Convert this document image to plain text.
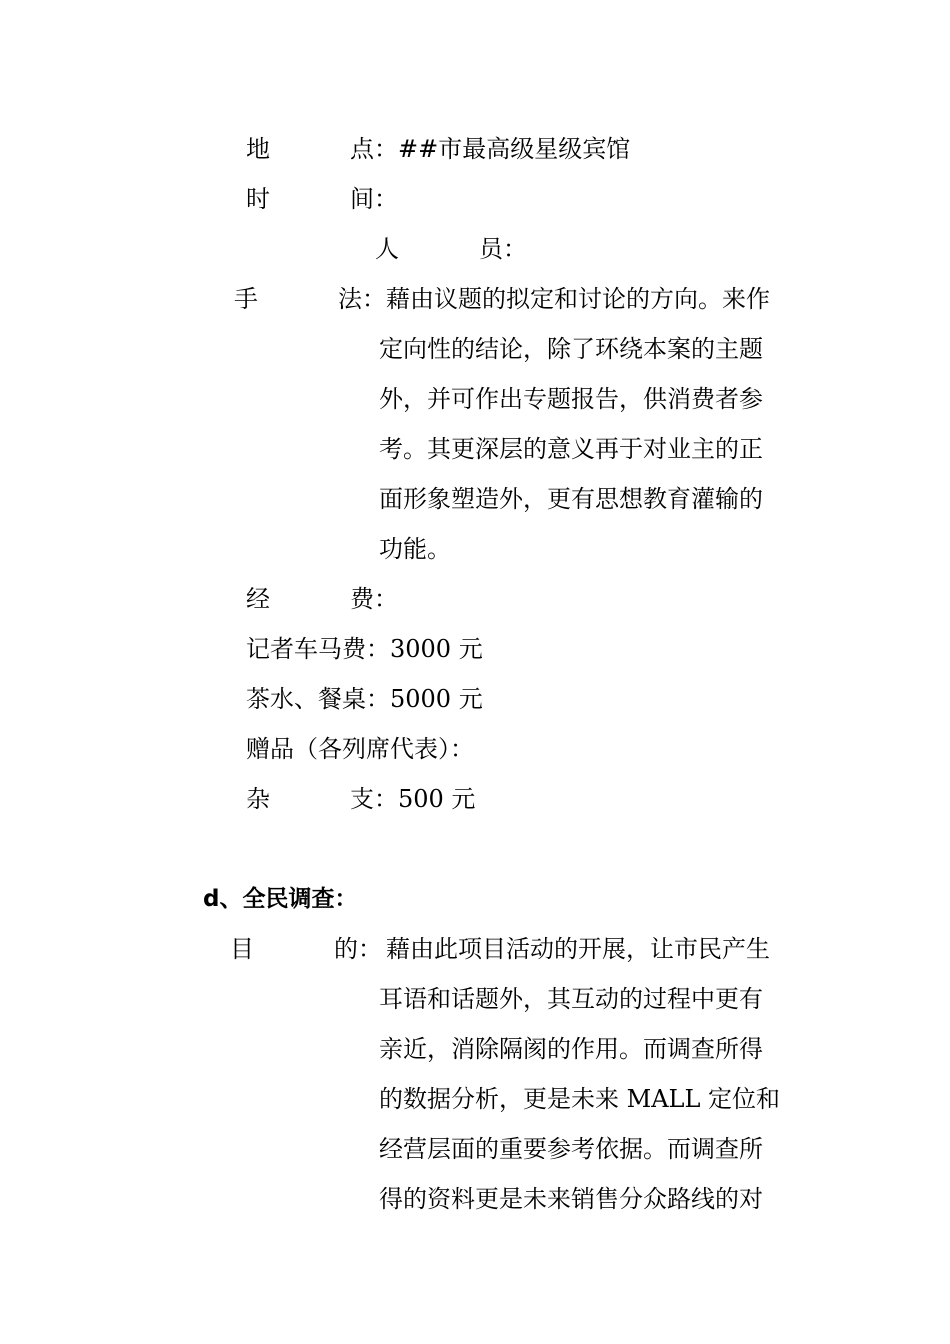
地	点： ##市最高级星级宾馆
时	间：
人	员：
手	法： 藉由议题的拟定和讨论的方向。来作
定向性的结论，除了环绕本案的主题
外，并可作出专题报告，供消费者参
考。其更深层的意义再于对业主的正
面形象塑造外，更有思想教育灌输的
功能。
经	费：
记者车马费：3000 元
茶水、餐桌：5000 元
赠品（各列席代表）：
杂	支：500 元
d、全民调查：
目	的： 藉由此项目活动的开展，让市民产生
耳语和话题外，其互动的过程中更有
亲近，消除隔阂的作用。而调查所得
的数据分析，更是未来 MALL 定位和
经营层面的重要参考依据。而调查所
得的资料更是未来销售分众路线的对
